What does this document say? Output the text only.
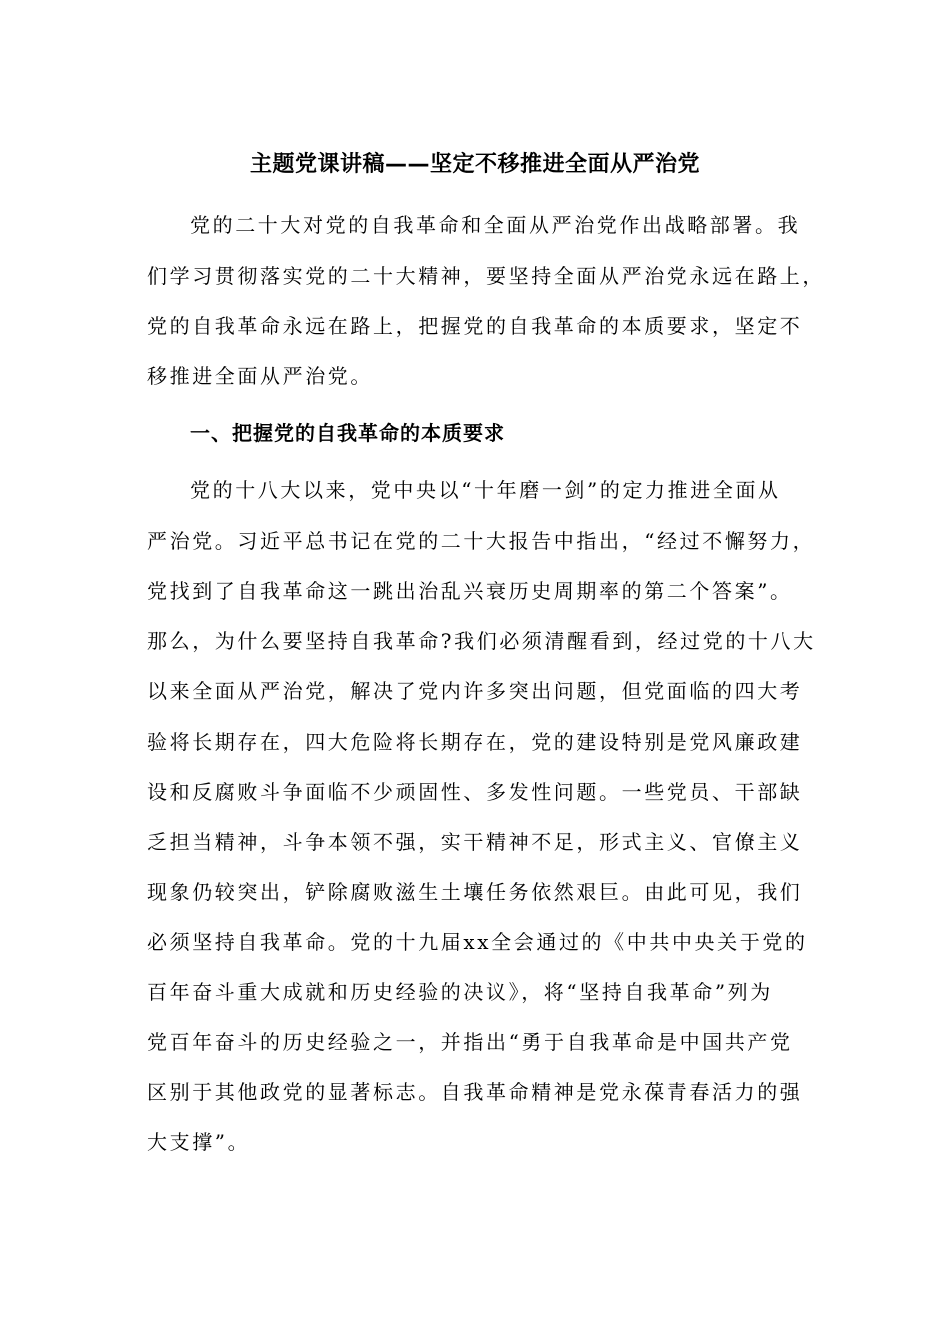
主题党课讲稿——坚定不移推进全面从严治党
党的二十大对党的自我革命和全面从严治党作出战略部署。我
们学习贯彻落实党的二十大精神，要坚持全面从严治党永远在路上，
党的自我革命永远在路上，把握党的自我革命的本质要求，坚定不
移推进全面从严治党。
一、把握党的自我革命的本质要求
党的十八大以来，党中央以“十年磨一剑”的定力推进全面从
严治党。习近平总书记在党的二十大报告中指出，“经过不懈努力，
党找到了自我革命这一跳出治乱兴衰历史周期率的第二个答案”。
那么，为什么要坚持自我革命?我们必须清醒看到，经过党的十八大
以来全面从严治党，解决了党内许多突出问题，但党面临的四大考
验将长期存在，四大危险将长期存在，党的建设特别是党风廉政建
设和反腐败斗争面临不少顽固性、多发性问题。一些党员、干部缺
乏担当精神，斗争本领不强，实干精神不足，形式主义、官僚主义
现象仍较突出，铲除腐败滋生土壤任务依然艰巨。由此可见，我们
必须坚持自我革命。党的十九届xx全会通过的《中共中央关于党的
百年奋斗重大成就和历史经验的决议》，将“坚持自我革命”列为
党百年奋斗的历史经验之一，并指出“勇于自我革命是中国共产党
区别于其他政党的显著标志。自我革命精神是党永葆青春活力的强
大支撑”。
